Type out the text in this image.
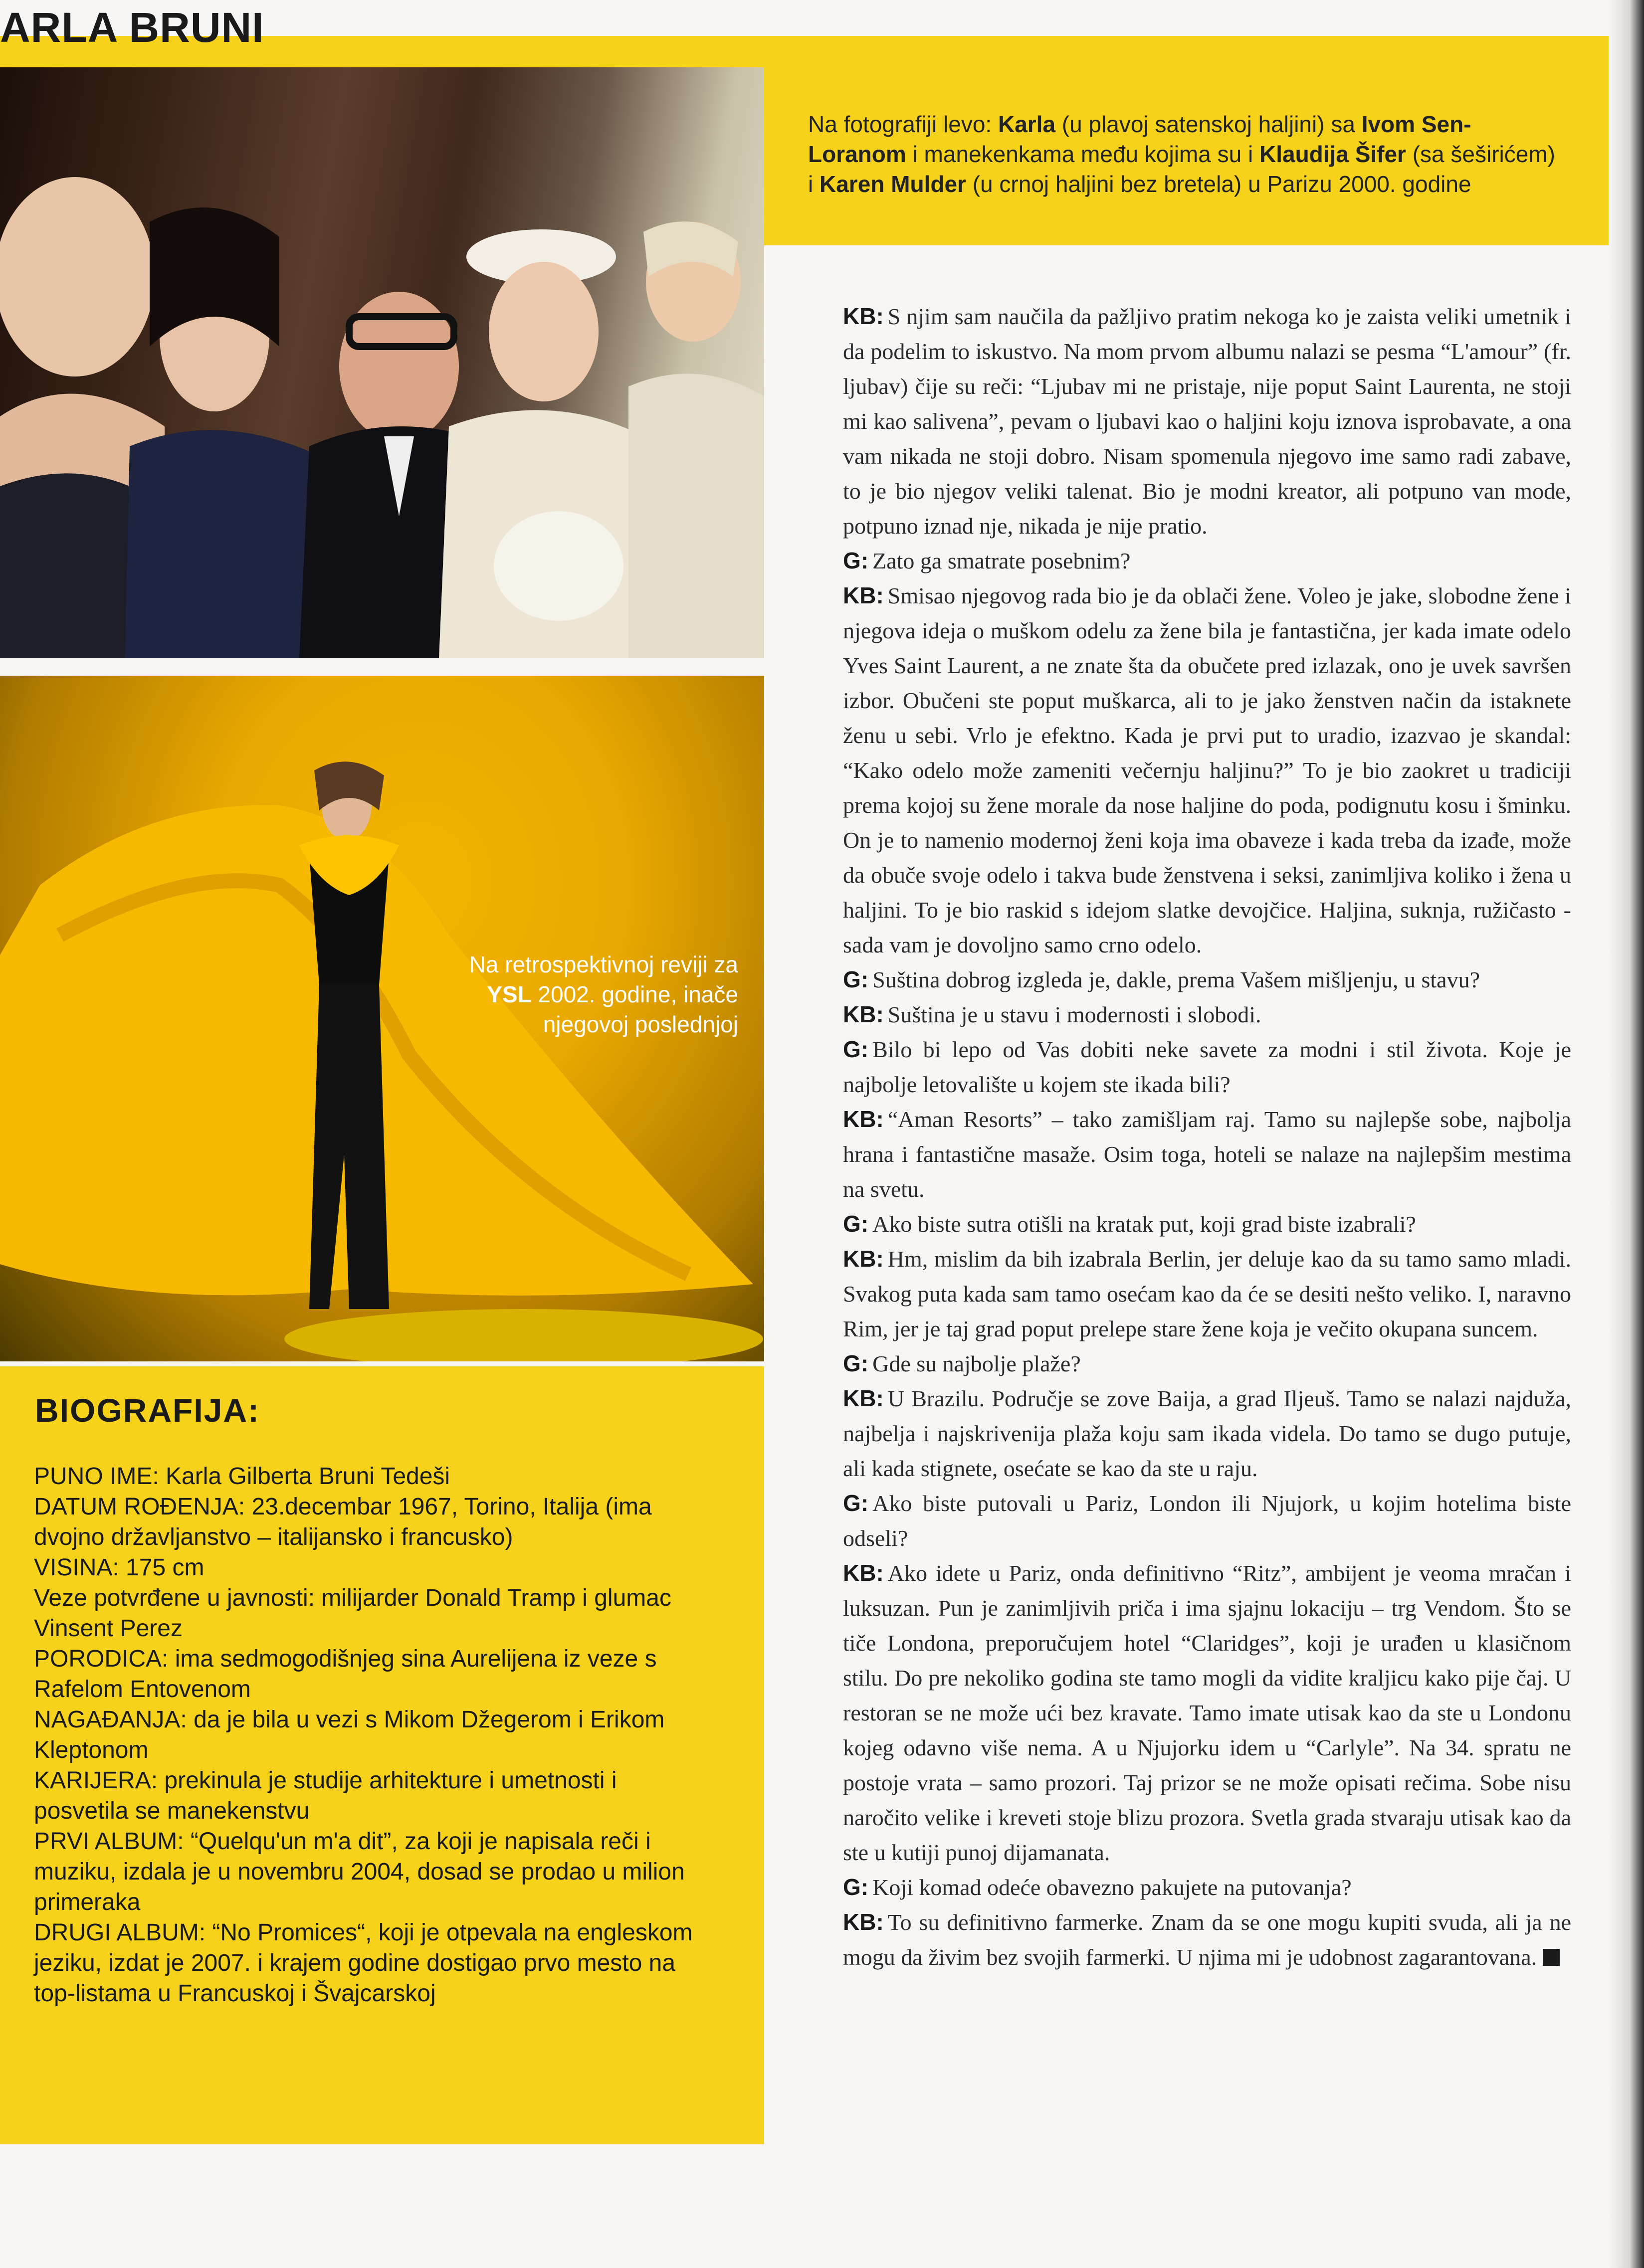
ARLA BRUNI
Na fotografiji levo: Karla (u plavoj satenskoj haljini) sa Ivom Sen-Loranom i manekenkama među kojima su i Klaudija Šifer (sa šeširićem) i Karen Mulder (u crnoj haljini bez bretela) u Parizu 2000. godine
Na retrospektivnoj reviji za YSL 2002. godine, inače njegovoj poslednjoj
BIOGRAFIJA:
PUNO IME: Karla Gilberta Bruni Tedeši
DATUM ROĐENJA: 23.decembar 1967, Torino, Italija (ima dvojno državljanstvo – italijansko i francusko)
VISINA: 175 cm
Veze potvrđene u javnosti: milijarder Donald Tramp i glumac Vinsent Perez
PORODICA: ima sedmogodišnjeg sina Aurelijena iz veze s Rafelom Entovenom
NAGAĐANJA: da je bila u vezi s Mikom Džegerom i Erikom Kleptonom
KARIJERA: prekinula je studije arhitekture i umetnosti i posvetila se manekenstvu
PRVI ALBUM: “Quelqu'un m'a dit”, za koji je napisala reči i muziku, izdala je u novembru 2004, dosad se prodao u milion primeraka
DRUGI ALBUM: “No Promices“, koji je otpevala na engleskom jeziku, izdat je 2007. i krajem godine dostigao prvo mesto na top-listama u Francuskoj i Švajcarskoj

KB: S njim sam naučila da pažljivo pratim nekoga ko je zaista veliki umetnik i da podelim to iskustvo. Na mom prvom albumu nalazi se pesma “L'amour” (fr. ljubav) čije su reči: “Ljubav mi ne pristaje, nije poput Saint Laurenta, ne stoji mi kao salivena”, pevam o ljubavi kao o haljini koju iznova isprobavate, a ona vam nikada ne stoji dobro. Nisam spomenula njegovo ime samo radi zabave, to je bio njegov veliki talenat. Bio je modni kreator, ali potpuno van mode, potpuno iznad nje, nikada je nije pratio.

G: Zato ga smatrate posebnim?

KB: Smisao njegovog rada bio je da oblači žene. Voleo je jake, slobodne žene i njegova ideja o muškom odelu za žene bila je fantastična, jer kada imate odelo Yves Saint Laurent, a ne znate šta da obučete pred izlazak, ono je uvek savršen izbor. Obučeni ste poput muškarca, ali to je jako ženstven način da istaknete ženu u sebi. Vrlo je efektno. Kada je prvi put to uradio, izazvao je skandal: “Kako odelo može zameniti večernju haljinu?” To je bio zaokret u tradiciji prema kojoj su žene morale da nose haljine do poda, podignutu kosu i šminku. On je to namenio modernoj ženi koja ima obaveze i kada treba da izađe, može da obuče svoje odelo i takva bude ženstvena i seksi, zanimljiva koliko i žena u haljini. To je bio raskid s idejom slatke devojčice. Haljina, suknja, ružičasto - sada vam je dovoljno samo crno odelo.

G: Suština dobrog izgleda je, dakle, prema Vašem mišljenju, u stavu?

KB: Suština je u stavu i modernosti i slobodi.

G: Bilo bi lepo od Vas dobiti neke savete za modni i stil života. Koje je najbolje letovalište u kojem ste ikada bili?

KB: “Aman Resorts” – tako zamišljam raj. Tamo su najlepše sobe, najbolja hrana i fantastične masaže. Osim toga, hoteli se nalaze na najlepšim mestima na svetu.

G: Ako biste sutra otišli na kratak put, koji grad biste izabrali?

KB: Hm, mislim da bih izabrala Berlin, jer deluje kao da su tamo samo mladi. Svakog puta kada sam tamo osećam kao da će se desiti nešto veliko. I, naravno Rim, jer je taj grad poput prelepe stare žene koja je večito okupana suncem.

G: Gde su najbolje plaže?

KB: U Brazilu. Područje se zove Baija, a grad Iljeuš. Tamo se nalazi najduža, najbelja i najskrivenija plaža koju sam ikada videla. Do tamo se dugo putuje, ali kada stignete, osećate se kao da ste u raju.

G: Ako biste putovali u Pariz, London ili Njujork, u kojim hotelima biste odseli?

KB: Ako idete u Pariz, onda definitivno “Ritz”, ambijent je veoma mračan i luksuzan. Pun je zanimljivih priča i ima sjajnu lokaciju – trg Vendom. Što se tiče Londona, preporučujem hotel “Claridges”, koji je urađen u klasičnom stilu. Do pre nekoliko godina ste tamo mogli da vidite kraljicu kako pije čaj. U restoran se ne može ući bez kravate. Tamo imate utisak kao da ste u Londonu kojeg odavno više nema. A u Njujorku idem u “Carlyle”. Na 34. spratu ne postoje vrata – samo prozori. Taj prizor se ne može opisati rečima. Sobe nisu naročito velike i kreveti stoje blizu prozora. Svetla grada stvaraju utisak kao da ste u kutiji punoj dijamanata.

G: Koji komad odeće obavezno pakujete na putovanja?

KB: To su definitivno farmerke. Znam da se one mogu kupiti svuda, ali ja ne mogu da živim bez svojih farmerki. U njima mi je udobnost zagarantovana.
